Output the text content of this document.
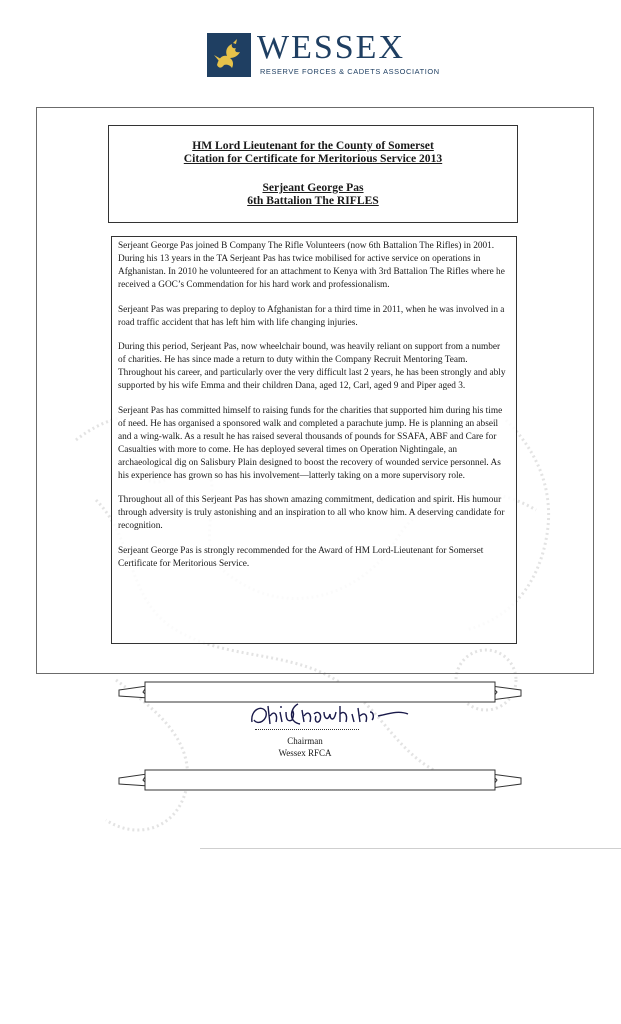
WESSEX
RESERVE FORCES & CADETS ASSOCIATION
HM Lord Lieutenant for the County of Somerset
Citation for Certificate for Meritorious Service 2013
Serjeant George Pas
6th Battalion The RIFLES

Serjeant George Pas joined B Company The Rifle Volunteers (now 6th Battalion The Rifles) in 2001. During his 13 years in the TA Serjeant Pas has twice mobilised for active service on operations in Afghanistan. In 2010 he volunteered for an attachment to Kenya with 3rd Battalion The Rifles where he received a GOC’s Commendation for his hard work and professionalism.

Serjeant Pas was preparing to deploy to Afghanistan for a third time in 2011, when he was involved in a road traffic accident that has left him with life changing injuries.

During this period, Serjeant Pas, now wheelchair bound, was heavily reliant on support from a number of charities. He has since made a return to duty within the Company Recruit Mentoring Team. Throughout his career, and particularly over the very difficult last 2 years, he has been strongly and ably supported by his wife Emma and their children Dana, aged 12, Carl, aged 9 and Piper aged 3.

Serjeant Pas has committed himself to raising funds for the charities that supported him during his time of need. He has organised a sponsored walk and completed a parachute jump. He is planning an abseil and a wing-walk. As a result he has raised several thousands of pounds for SSAFA, ABF and Care for Casualties with more to come. He has deployed several times on Operation Nightingale, an archaeological dig on Salisbury Plain designed to boost the recovery of wounded service personnel. As his experience has grown so has his involvement—latterly taking on a more supervisory role.

Throughout all of this Serjeant Pas has shown amazing commitment, dedication and spirit. His humour through adversity is truly astonishing and an inspiration to all who know him. A deserving candidate for recognition.

Serjeant George Pas is strongly recommended for the Award of HM Lord-Lieutenant for Somerset Certificate for Meritorious Service.

Chairman
Wessex RFCA
